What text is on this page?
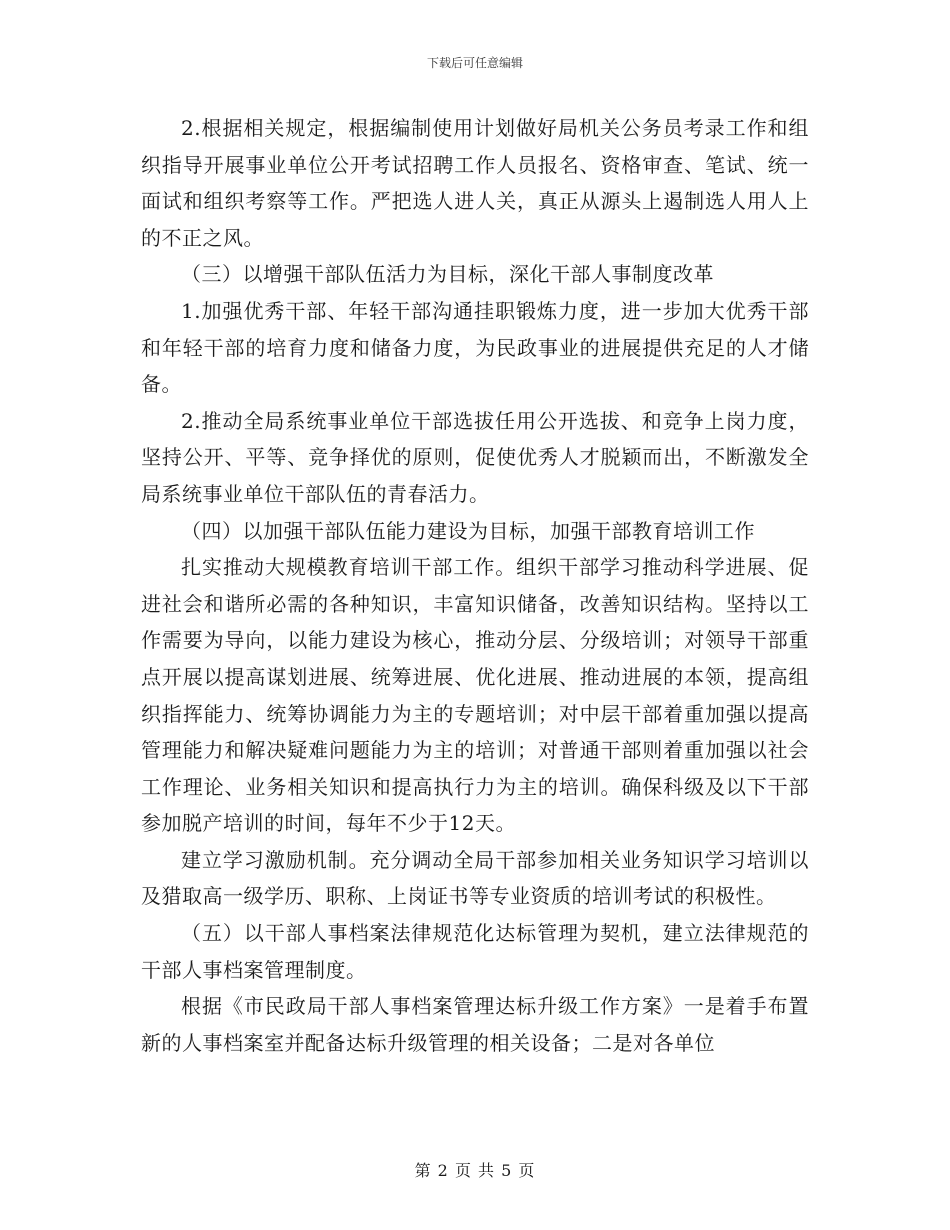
下载后可任意编辑

2.根据相关规定，根据编制使用计划做好局机关公务员考录工作和组织指导开展事业单位公开考试招聘工作人员报名、资格审查、笔试、统一面试和组织考察等工作。严把选人进人关，真正从源头上遏制选人用人上的不正之风。

（三）以增强干部队伍活力为目标，深化干部人事制度改革

1.加强优秀干部、年轻干部沟通挂职锻炼力度，进一步加大优秀干部和年轻干部的培育力度和储备力度，为民政事业的进展提供充足的人才储备。

2.推动全局系统事业单位干部选拔任用公开选拔、和竞争上岗力度，坚持公开、平等、竞争择优的原则，促使优秀人才脱颖而出，不断激发全局系统事业单位干部队伍的青春活力。

（四）以加强干部队伍能力建设为目标，加强干部教育培训工作

扎实推动大规模教育培训干部工作。组织干部学习推动科学进展、促进社会和谐所必需的各种知识，丰富知识储备，改善知识结构。坚持以工作需要为导向，以能力建设为核心，推动分层、分级培训；对领导干部重点开展以提高谋划进展、统筹进展、优化进展、推动进展的本领，提高组织指挥能力、统筹协调能力为主的专题培训；对中层干部着重加强以提高管理能力和解决疑难问题能力为主的培训；对普通干部则着重加强以社会工作理论、业务相关知识和提高执行力为主的培训。确保科级及以下干部参加脱产培训的时间，每年不少于12天。

建立学习激励机制。充分调动全局干部参加相关业务知识学习培训以及猎取高一级学历、职称、上岗证书等专业资质的培训考试的积极性。

（五）以干部人事档案法律规范化达标管理为契机，建立法律规范的干部人事档案管理制度。

根据《市民政局干部人事档案管理达标升级工作方案》一是着手布置新的人事档案室并配备达标升级管理的相关设备；二是对各单位

第 2 页 共 5 页
